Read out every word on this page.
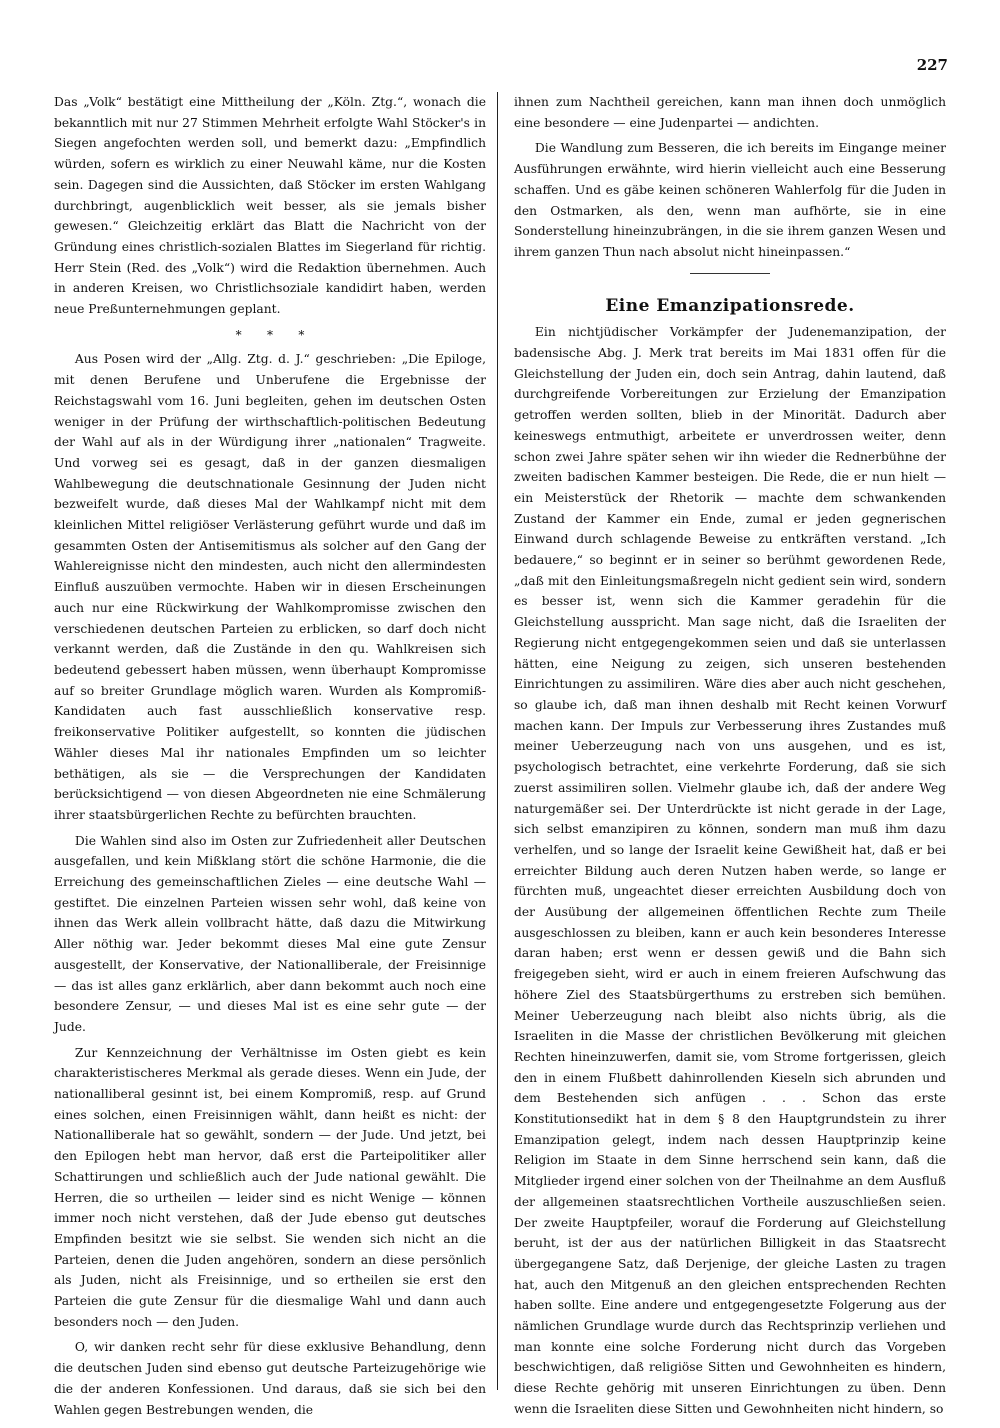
227

Das „Volk“ bestätigt eine Mittheilung der „Köln. Ztg.“, wonach die bekanntlich mit nur 27 Stimmen Mehrheit erfolgte Wahl Stöcker's in Siegen angefochten werden soll, und bemerkt dazu: „Empfindlich würden, sofern es wirklich zu einer Neuwahl käme, nur die Kosten sein. Dagegen sind die Aussichten, daß Stöcker im ersten Wahlgang durchbringt, augenblicklich weit besser, als sie jemals bisher gewesen.“ Gleichzeitig erklärt das Blatt die Nachricht von der Gründung eines christlich-sozialen Blattes im Siegerland für richtig. Herr Stein (Red. des „Volk“) wird die Redaktion übernehmen. Auch in anderen Kreisen, wo Christlichsoziale kandidirt haben, werden neue Preßunternehmungen geplant.

* * *

Aus Posen wird der „Allg. Ztg. d. J.“ geschrieben: „Die Epiloge, mit denen Berufene und Unberufene die Ergebnisse der Reichstagswahl vom 16. Juni begleiten, gehen im deutschen Osten weniger in der Prüfung der wirthschaftlich-politischen Bedeutung der Wahl auf als in der Würdigung ihrer „nationalen“ Tragweite. Und vorweg sei es gesagt, daß in der ganzen diesmaligen Wahlbewegung die deutschnationale Gesinnung der Juden nicht bezweifelt wurde, daß dieses Mal der Wahlkampf nicht mit dem kleinlichen Mittel religiöser Verlästerung geführt wurde und daß im gesammten Osten der Antisemitismus als solcher auf den Gang der Wahlereignisse nicht den mindesten, auch nicht den allermindesten Einfluß auszuüben vermochte. Haben wir in diesen Erscheinungen auch nur eine Rückwirkung der Wahlkompromisse zwischen den verschiedenen deutschen Parteien zu erblicken, so darf doch nicht verkannt werden, daß die Zustände in den qu. Wahlkreisen sich bedeutend gebessert haben müssen, wenn überhaupt Kompromisse auf so breiter Grundlage möglich waren. Wurden als Kompromiß-Kandidaten auch fast ausschließlich konservative resp. freikonservative Politiker aufgestellt, so konnten die jüdischen Wähler dieses Mal ihr nationales Empfinden um so leichter bethätigen, als sie — die Versprechungen der Kandidaten berücksichtigend — von diesen Abgeordneten nie eine Schmälerung ihrer staatsbürgerlichen Rechte zu befürchten brauchten.

Die Wahlen sind also im Osten zur Zufriedenheit aller Deutschen ausgefallen, und kein Mißklang stört die schöne Harmonie, die die Erreichung des gemeinschaftlichen Zieles — eine deutsche Wahl — gestiftet. Die einzelnen Parteien wissen sehr wohl, daß keine von ihnen das Werk allein vollbracht hätte, daß dazu die Mitwirkung Aller nöthig war. Jeder bekommt dieses Mal eine gute Zensur ausgestellt, der Konservative, der Nationalliberale, der Freisinnige — das ist alles ganz erklärlich, aber dann bekommt auch noch eine besondere Zensur, — und dieses Mal ist es eine sehr gute — der Jude.

Zur Kennzeichnung der Verhältnisse im Osten giebt es kein charakteristischeres Merkmal als gerade dieses. Wenn ein Jude, der nationalliberal gesinnt ist, bei einem Kompromiß, resp. auf Grund eines solchen, einen Freisinnigen wählt, dann heißt es nicht: der Nationalliberale hat so gewählt, sondern — der Jude. Und jetzt, bei den Epilogen hebt man hervor, daß erst die Parteipolitiker aller Schattirungen und schließlich auch der Jude national gewählt. Die Herren, die so urtheilen — leider sind es nicht Wenige — können immer noch nicht verstehen, daß der Jude ebenso gut deutsches Empfinden besitzt wie sie selbst. Sie wenden sich nicht an die Parteien, denen die Juden angehören, sondern an diese persönlich als Juden, nicht als Freisinnige, und so ertheilen sie erst den Parteien die gute Zensur für die diesmalige Wahl und dann auch besonders noch — den Juden.

O, wir danken recht sehr für diese exklusive Behandlung, denn die deutschen Juden sind ebenso gut deutsche Parteizugehörige wie die der anderen Konfessionen. Und daraus, daß sie sich bei den Wahlen gegen Bestrebungen wenden, die

ihnen zum Nachtheil gereichen, kann man ihnen doch unmöglich eine besondere — eine Judenpartei — andichten.

Die Wandlung zum Besseren, die ich bereits im Eingange meiner Ausführungen erwähnte, wird hierin vielleicht auch eine Besserung schaffen. Und es gäbe keinen schöneren Wahlerfolg für die Juden in den Ostmarken, als den, wenn man aufhörte, sie in eine Sonderstellung hineinzubrängen, in die sie ihrem ganzen Wesen und ihrem ganzen Thun nach absolut nicht hineinpassen.“

Eine Emanzipationsrede.

Ein nichtjüdischer Vorkämpfer der Judenemanzipation, der badensische Abg. J. Merk trat bereits im Mai 1831 offen für die Gleichstellung der Juden ein, doch sein Antrag, dahin lautend, daß durchgreifende Vorbereitungen zur Erzielung der Emanzipation getroffen werden sollten, blieb in der Minorität. Dadurch aber keineswegs entmuthigt, arbeitete er unverdrossen weiter, denn schon zwei Jahre später sehen wir ihn wieder die Rednerbühne der zweiten badischen Kammer besteigen. Die Rede, die er nun hielt — ein Meisterstück der Rhetorik — machte dem schwankenden Zustand der Kammer ein Ende, zumal er jeden gegnerischen Einwand durch schlagende Beweise zu entkräften verstand. „Ich bedauere,“ so beginnt er in seiner so berühmt gewordenen Rede, „daß mit den Einleitungsmaßregeln nicht gedient sein wird, sondern es besser ist, wenn sich die Kammer geradehin für die Gleichstellung ausspricht. Man sage nicht, daß die Israeliten der Regierung nicht entgegengekommen seien und daß sie unterlassen hätten, eine Neigung zu zeigen, sich unseren bestehenden Einrichtungen zu assimiliren. Wäre dies aber auch nicht geschehen, so glaube ich, daß man ihnen deshalb mit Recht keinen Vorwurf machen kann. Der Impuls zur Verbesserung ihres Zustandes muß meiner Ueberzeugung nach von uns ausgehen, und es ist, psychologisch betrachtet, eine verkehrte Forderung, daß sie sich zuerst assimiliren sollen. Vielmehr glaube ich, daß der andere Weg naturgemäßer sei. Der Unterdrückte ist nicht gerade in der Lage, sich selbst emanzipiren zu können, sondern man muß ihm dazu verhelfen, und so lange der Israelit keine Gewißheit hat, daß er bei erreichter Bildung auch deren Nutzen haben werde, so lange er fürchten muß, ungeachtet dieser erreichten Ausbildung doch von der Ausübung der allgemeinen öffentlichen Rechte zum Theile ausgeschlossen zu bleiben, kann er auch kein besonderes Interesse daran haben; erst wenn er dessen gewiß und die Bahn sich freigegeben sieht, wird er auch in einem freieren Aufschwung das höhere Ziel des Staatsbürgerthums zu erstreben sich bemühen. Meiner Ueberzeugung nach bleibt also nichts übrig, als die Israeliten in die Masse der christlichen Bevölkerung mit gleichen Rechten hineinzuwerfen, damit sie, vom Strome fortgerissen, gleich den in einem Flußbett dahinrollenden Kieseln sich abrunden und dem Bestehenden sich anfügen . . . Schon das erste Konstitutionsedikt hat in dem § 8 den Hauptgrundstein zu ihrer Emanzipation gelegt, indem nach dessen Hauptprinzip keine Religion im Staate in dem Sinne herrschend sein kann, daß die Mitglieder irgend einer solchen von der Theilnahme an dem Ausfluß der allgemeinen staatsrechtlichen Vortheile auszuschließen seien. Der zweite Hauptpfeiler, worauf die Forderung auf Gleichstellung beruht, ist der aus der natürlichen Billigkeit in das Staatsrecht übergegangene Satz, daß Derjenige, der gleiche Lasten zu tragen hat, auch den Mitgenuß an den gleichen entsprechenden Rechten haben sollte. Eine andere und entgegengesetzte Folgerung aus der nämlichen Grundlage wurde durch das Rechtsprinzip verliehen und man konnte eine solche Forderung nicht durch das Vorgeben beschwichtigen, daß religiöse Sitten und Gewohnheiten es hindern, diese Rechte gehörig mit unseren Einrichtungen zu üben. Denn wenn die Israeliten diese Sitten und Gewohnheiten nicht hindern, so
